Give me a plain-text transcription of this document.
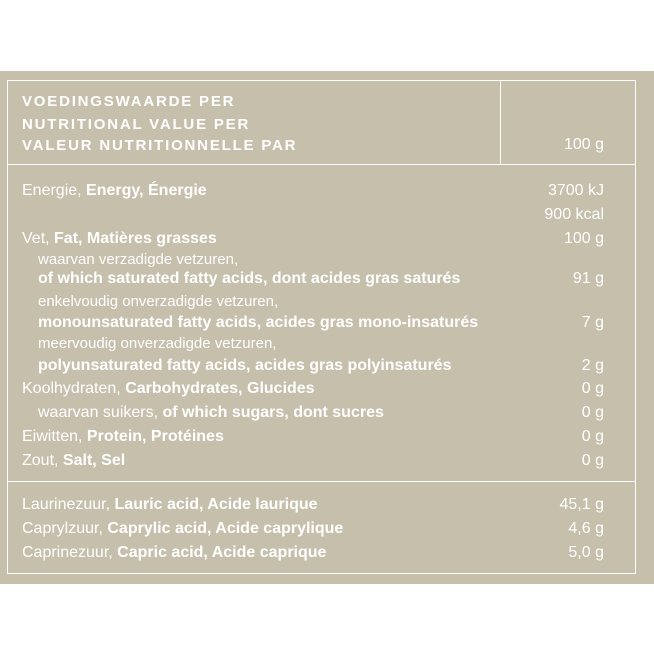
VOEDINGSWAARDE PER
NUTRITIONAL VALUE PER
VALEUR NUTRITIONNELLE PAR	100 g
Energie, Energy, Énergie	3700 kJ
900 kcal
Vet, Fat, Matières grasses	100 g
waarvan verzadigde vetzuren,
of which saturated fatty acids, dont acides gras saturés	91 g
enkelvoudig onverzadigde vetzuren,
monounsaturated fatty acids, acides gras mono-insaturés	7 g
meervoudig onverzadigde vetzuren,
polyunsaturated fatty acids, acides gras polyinsaturés	2 g
Koolhydraten, Carbohydrates, Glucides	0 g
waarvan suikers, of which sugars, dont sucres	0 g
Eiwitten, Protein, Protéines	0 g
Zout, Salt, Sel	0 g
Laurinezuur, Lauric acid, Acide laurique	45,1 g
Caprylzuur, Caprylic acid, Acide caprylique	4,6 g
Caprinezuur, Capric acid, Acide caprique	5,0 g
